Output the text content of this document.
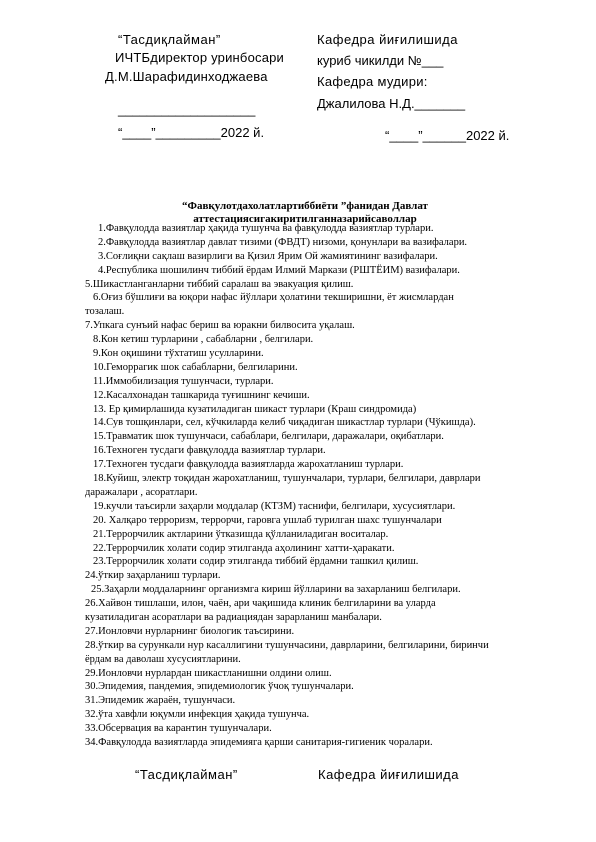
“Тасдиқлайман”
ИЧТБдиректор уринбосари
Д.М.Шарафидинходжаева
___________________
“____”_________2022 й.
Кафедра йиғилишида
куриб чикилди №___
Кафедра мудири:
Джалилова Н.Д._______
“____”______2022 й.
“Фавқулотдахолатлартиббиёти ”фанидан Давлат
аттестациясигакиритилганназарийсаволлар
1.Фавқулодда вазиятлар ҳақида тушунча ва фавқулодда вазиятлар турлари.
2.Фавқулодда вазиятлар давлат тизими (ФВДТ) низоми, қонунлари ва вазифалари.
3.Соғлиқни сақлаш вазирлиги ва Қизил Ярим Ой жамиятининг вазифалари.
4.Республика шошилинч тиббий ёрдам Илмий Маркази (РШТЁИМ) вазифалари.
5.Шикастланганларни тиббий саралаш ва эвакуация қилиш.
6.Оғиз бўшлиғи ва юқори нафас йўллари ҳолатини текширишни, ёт жисмлардан
тозалаш.
7.Упкага сунъий нафас бериш ва юракни билвосита уқалаш.
8.Кон кетиш турларини , сабабларни , белгилари.
9.Кон оқишини тўхтатиш усулларини.
10.Геморрагик шок сабабларни, белгиларини.
11.Иммобилизация тушунчаси, турлари.
12.Касалхонадан ташкарида туғишнинг кечиши.
13. Ер қимирлашида кузатиладиган шикаст турлари (Краш синдромида)
14.Сув тошқинлари, сел, кўчкиларда келиб чиқадиган шикастлар турлари (Чўкишда).
15.Травматик шок тушунчаси, сабаблари, белгилари, даражалари, оқибатлари.
16.Техноген тусдаги фавқулодда вазиятлар турлари.
17.Техноген тусдаги фавқулодда вазиятларда жарохатланиш турлари.
18.Куйиш, электр тоқидан жарохатланиш, тушунчалари, турлари, белгилари, даврлари
даражалари , асоратлари.
19.кучли таъсирли заҳарли моддалар (КТЗМ) таснифи, белгилари, хусусиятлари.
20. Халқаро терроризм, террорчи, гаровга ушлаб турилган шахс тушунчалари
21.Террорчилик актларини ўтказишда қўлланиладиган воситалар.
22.Террорчилик холати содир этилганда аҳолининг хатти-ҳаракати.
23.Террорчилик холати содир этилганда тиббий ёрдамни ташкил қилиш.
24.ўткир заҳарланиш турлари.
25.Заҳарли моддаларнинг организмга кириш йўлларини ва захарланиш белгилари.
26.Хайвон тишлаши, илон, чаён, ари чақишида клиник белгиларини ва уларда
кузатиладиган асоратлари ва радиациядан зарарланиш манбалари.
27.Ионловчи нурларнинг биологик таъсирини.
28.ўткир ва сурункали нур касаллигини тушунчасини, даврларини, белгиларини, биринчи
ёрдам ва даволаш хусусиятларини.
29.Ионловчи нурлардан шикастланишни олдини олиш.
30.Эпидемия, пандемия, эпидемиологик ўчоқ тушунчалари.
31.Эпидемик жараён, тушунчаси.
32.ўта хавфли юқумли инфекция ҳақида тушунча.
33.Обсервация ва карантин тушунчалари.
34.Фавқулодда вазиятларда эпидемияга қарши санитария-гигиеник чоралари.
“Тасдиқлайман”	Кафедра йиғилишида
